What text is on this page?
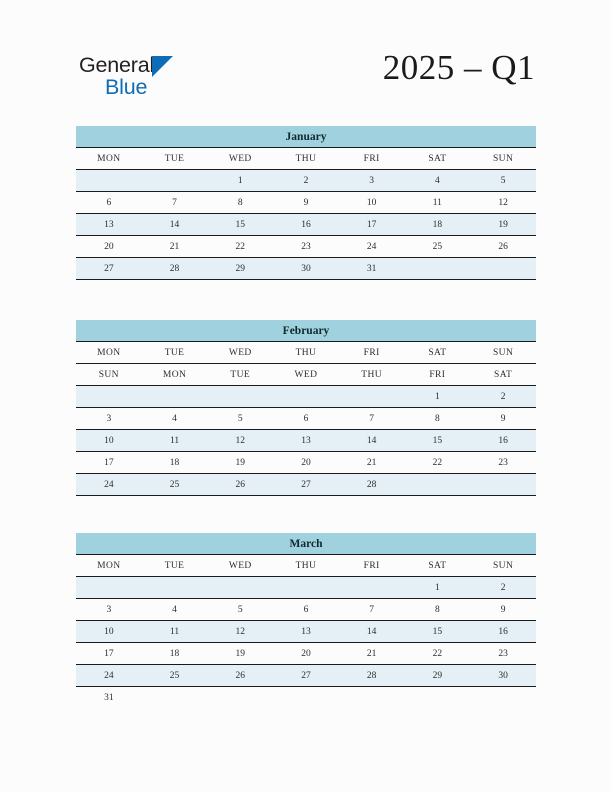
General
Blue	2025 – Q1
January
MON	TUE	WED	THU	FRI	SAT	SUN
		1	2	3	4	5
6	7	8	9	10	11	12
13	14	15	16	17	18	19
20	21	22	23	24	25	26
27	28	29	30	31		
February
MON	TUE	WED	THU	FRI	SAT	SUN
SUN	MON	TUE	WED	THU	FRI	SAT
					1	2
3	4	5	6	7	8	9
10	11	12	13	14	15	16
17	18	19	20	21	22	23
24	25	26	27	28		
March
MON	TUE	WED	THU	FRI	SAT	SUN
					1	2
3	4	5	6	7	8	9
10	11	12	13	14	15	16
17	18	19	20	21	22	23
24	25	26	27	28	29	30
31						
